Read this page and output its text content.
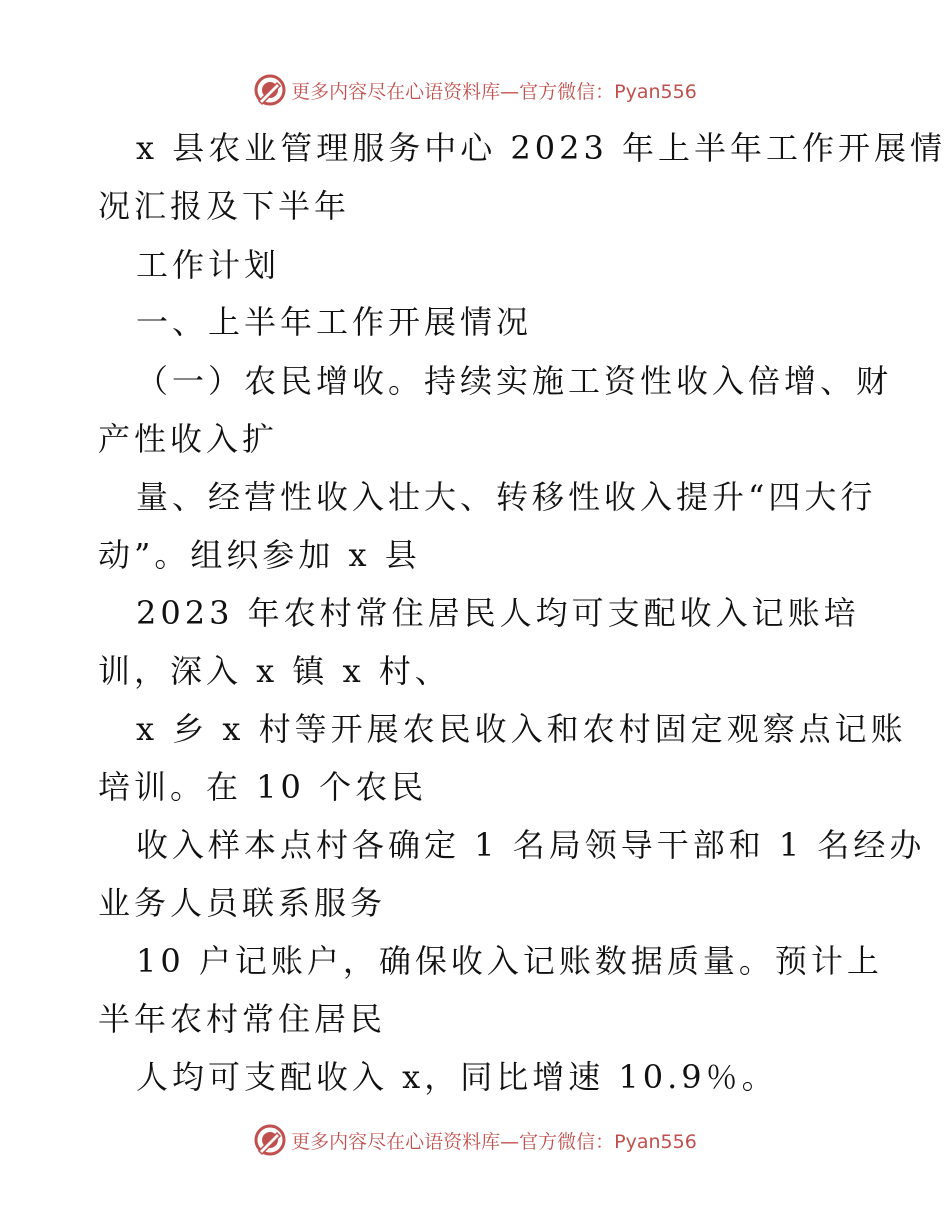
更多内容尽在心语资料库—官方微信：Pyan556
x 县农业管理服务中心 2023 年上半年工作开展情
况汇报及下半年
工作计划
一、上半年工作开展情况
（一）农民增收。持续实施工资性收入倍增、财
产性收入扩
量、经营性收入壮大、转移性收入提升“四大行
动”。组织参加 x 县
2023 年农村常住居民人均可支配收入记账培
训，深入 x 镇 x 村、
x 乡 x 村等开展农民收入和农村固定观察点记账
培训。在 10 个农民
收入样本点村各确定 1 名局领导干部和 1 名经办
业务人员联系服务
10 户记账户，确保收入记账数据质量。预计上
半年农村常住居民
人均可支配收入 x，同比增速 10.9％。
更多内容尽在心语资料库—官方微信：Pyan556
